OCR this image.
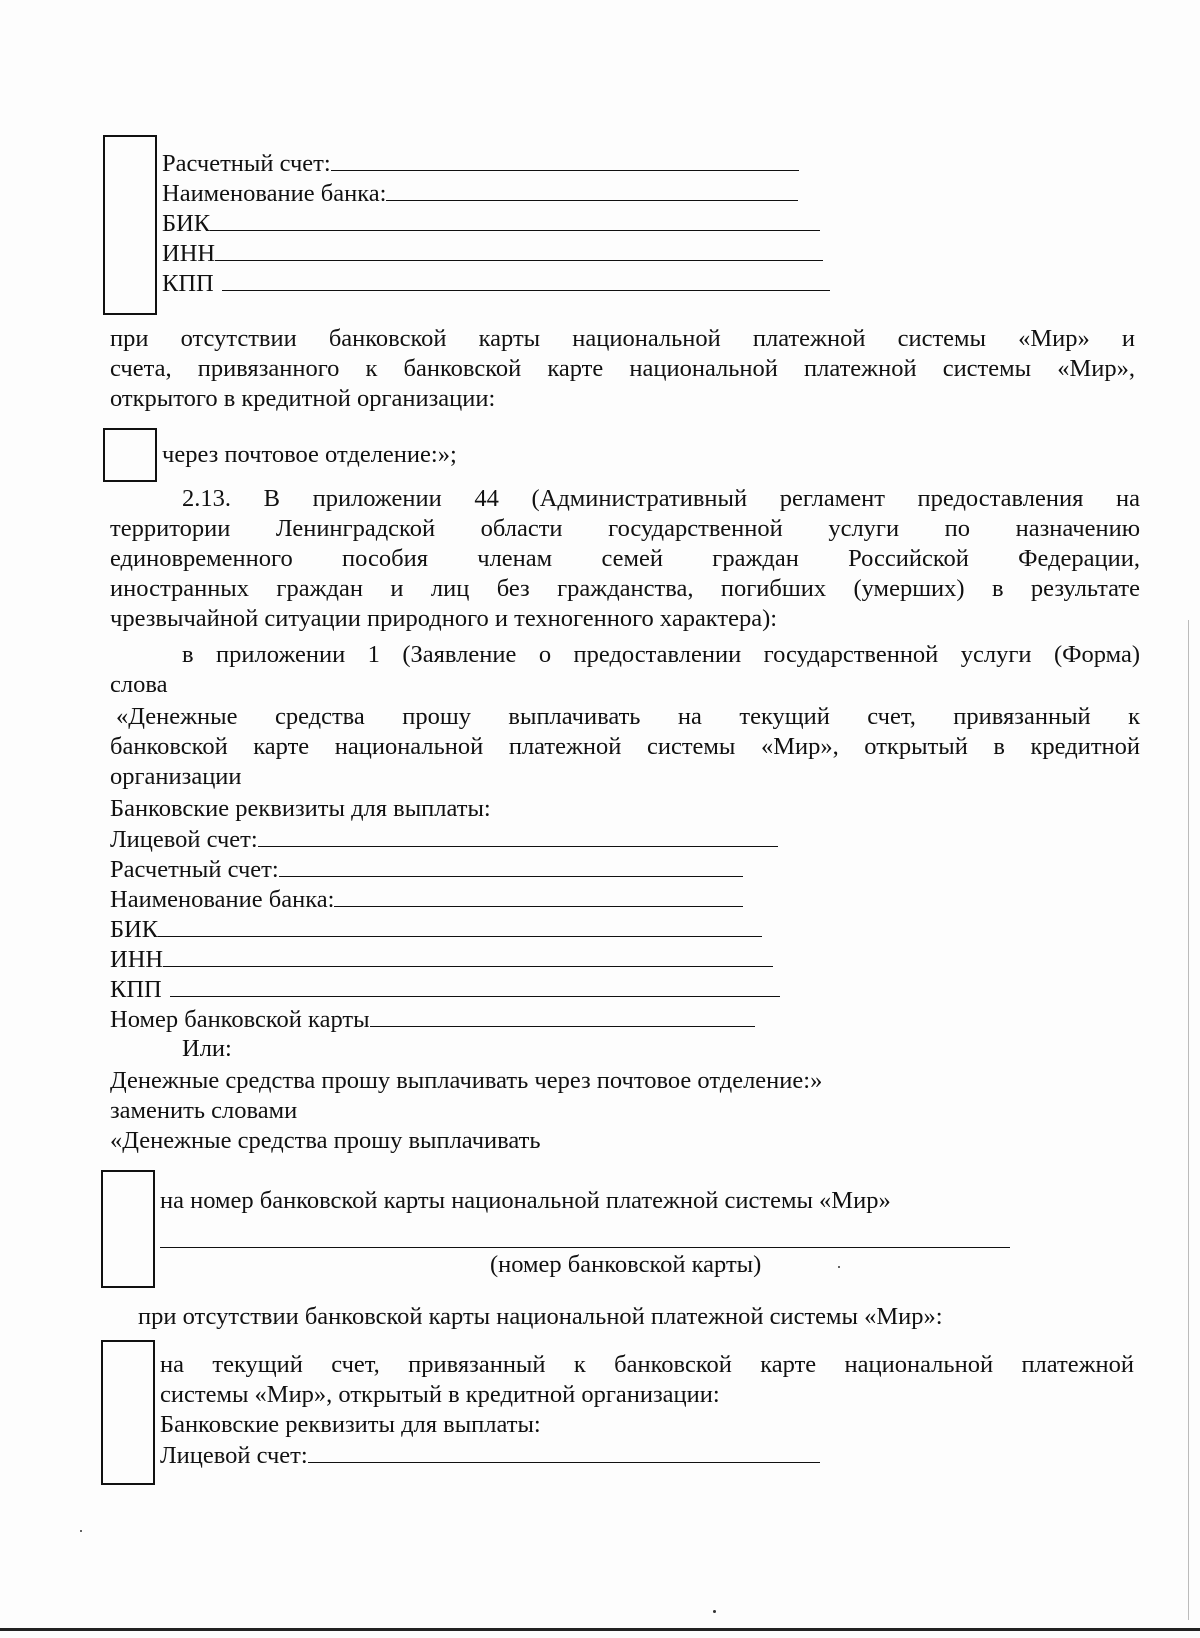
Расчетный счет:
Наименование банка:
БИК
ИНН
КПП
при отсутствии банковской карты национальной платежной системы «Мир» и
счета, привязанного к банковской карте национальной платежной системы «Мир»,
открытого в кредитной организации:
через почтовое отделение:»;
2.13. В приложении 44 (Административный регламент предоставления на
территории Ленинградской области государственной услуги по назначению
единовременного пособия членам семей граждан Российской Федерации,
иностранных граждан и лиц без гражданства, погибших (умерших) в результате
чрезвычайной ситуации природного и техногенного характера):
в приложении 1 (Заявление о предоставлении государственной услуги (Форма)
слова
«Денежные средства прошу выплачивать на текущий счет, привязанный к
банковской карте национальной платежной системы «Мир», открытый в кредитной
организации
Банковские реквизиты для выплаты:
Лицевой счет:
Расчетный счет:
Наименование банка:
БИК
ИНН
КПП
Номер банковской карты
Или:
Денежные средства прошу выплачивать через почтовое отделение:»
заменить словами
«Денежные средства прошу выплачивать
на номер банковской карты национальной платежной системы «Мир»
(номер банковской карты)
при отсутствии банковской карты национальной платежной системы «Мир»:
на текущий счет, привязанный к банковской карте национальной платежной
системы «Мир», открытый в кредитной организации:
Банковские реквизиты для выплаты:
Лицевой счет:
